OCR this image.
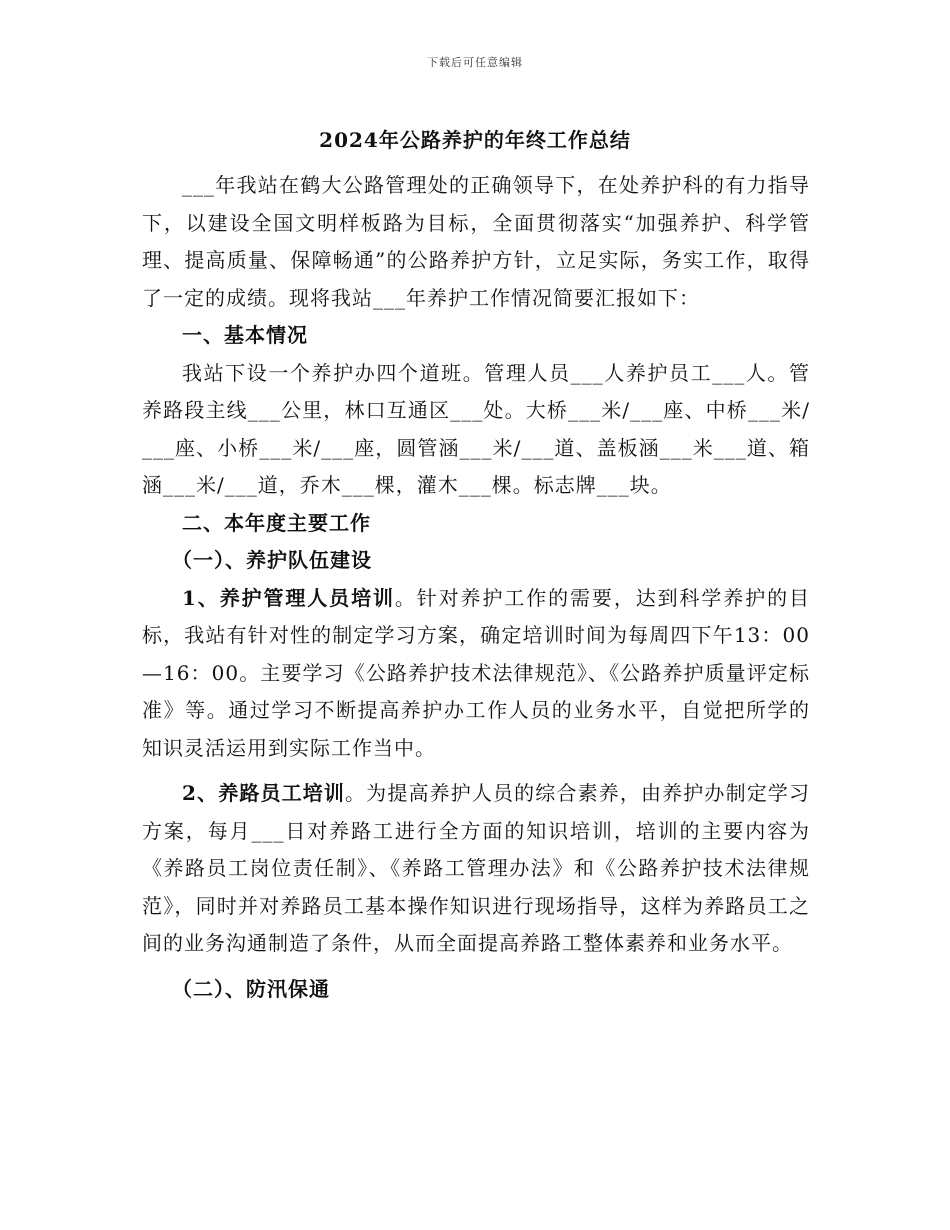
下载后可任意编辑
2024年公路养护的年终工作总结

___年我站在鹤大公路管理处的正确领导下，在处养护科的有力指导下，以建设全国文明样板路为目标，全面贯彻落实“加强养护、科学管理、提高质量、保障畅通”的公路养护方针，立足实际，务实工作，取得了一定的成绩。现将我站___年养护工作情况简要汇报如下：

一、基本情况

我站下设一个养护办四个道班。管理人员___人养护员工___人。管养路段主线___公里，林口互通区___处。大桥___米/___座、中桥___米/___座、小桥___米/___座，圆管涵___米/___道、盖板涵___米___道、箱涵___米/___道，乔木___棵，灌木___棵。标志牌___块。

二、本年度主要工作

（一）、养护队伍建设

1、养护管理人员培训。针对养护工作的需要，达到科学养护的目标，我站有针对性的制定学习方案，确定培训时间为每周四下午13：00—16：00。主要学习《公路养护技术法律规范》、《公路养护质量评定标准》等。通过学习不断提高养护办工作人员的业务水平，自觉把所学的知识灵活运用到实际工作当中。

2、养路员工培训。为提高养护人员的综合素养，由养护办制定学习方案，每月___日对养路工进行全方面的知识培训，培训的主要内容为《养路员工岗位责任制》、《养路工管理办法》和《公路养护技术法律规范》，同时并对养路员工基本操作知识进行现场指导，这样为养路员工之间的业务沟通制造了条件，从而全面提高养路工整体素养和业务水平。

（二）、防汛保通
